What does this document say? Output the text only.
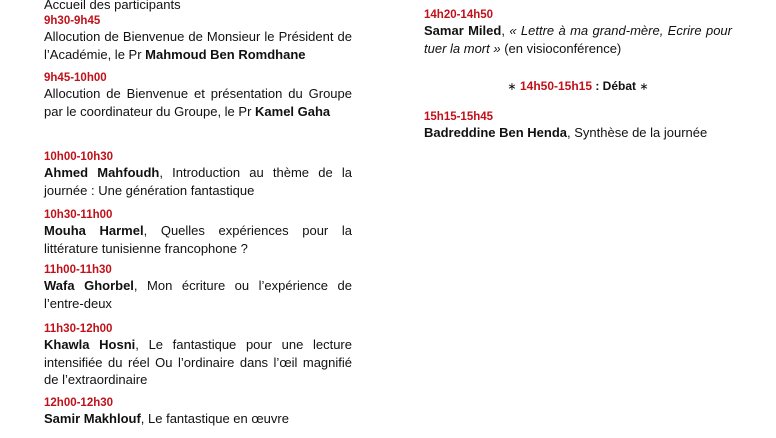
Accueil des participants
9h30-9h45
Allocution de Bienvenue de Monsieur le Président de l’Académie, le Pr Mahmoud Ben Romdhane
9h45-10h00
Allocution de Bienvenue et présentation du Groupe par le coordinateur du Groupe, le Pr Kamel Gaha
10h00-10h30
Ahmed Mahfoudh, Introduction au thème de la journée : Une génération fantastique
10h30-11h00
Mouha Harmel, Quelles expériences pour la littérature tunisienne francophone ?
11h00-11h30
Wafa Ghorbel, Mon écriture ou l’expérience de l’entre-deux
11h30-12h00
Khawla Hosni, Le fantastique pour une lecture intensifiée du réel Ou l’ordinaire dans l’œil magnifié de l’extraordinaire
12h00-12h30
Samir Makhlouf, Le fantastique en œuvre
14h20-14h50
Samar Miled, « Lettre à ma grand-mère, Ecrire pour tuer la mort » (en visioconférence)
∗ 14h50-15h15 : Débat ∗
15h15-15h45
Badreddine Ben Henda, Synthèse de la journée
